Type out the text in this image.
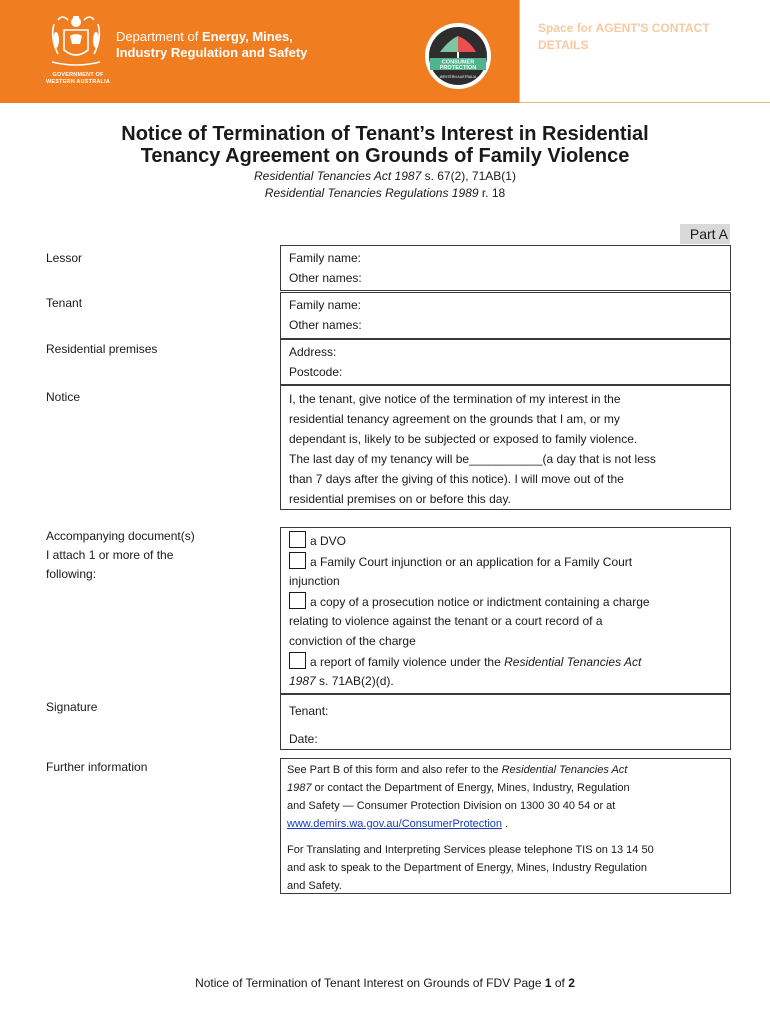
GOVERNMENT OF
WESTERN AUSTRALIA
Department of Energy, Mines,
Industry Regulation and Safety
CONSUMER
PROTECTION
WESTERN AUSTRALIA
Space for AGENT'S CONTACT
DETAILS
Notice of Termination of Tenant’s Interest in Residential
Tenancy Agreement on Grounds of Family Violence
Residential Tenancies Act 1987 s. 67(2), 71AB(1)
Residential Tenancies Regulations 1989 r. 18
Part A
Lessor	Family name:
Other names:
Tenant	Family name:
Other names:
Residential premises	Address:
Postcode:
Notice	I, the tenant, give notice of the termination of my interest in the
residential tenancy agreement on the grounds that I am, or my
dependant is, likely to be subjected or exposed to family violence.
The last day of my tenancy will be___________(a day that is not less
than 7 days after the giving of this notice). I will move out of the
residential premises on or before this day.
Accompanying document(s)
I attach 1 or more of the
following:
a DVO
a Family Court injunction or an application for a Family Court
injunction
a copy of a prosecution notice or indictment containing a charge
relating to violence against the tenant or a court record of a
conviction of the charge
a report of family violence under the Residential Tenancies Act
1987 s. 71AB(2)(d).
Signature	Tenant:
Date:
Further information	See Part B of this form and also refer to the Residential Tenancies Act
1987 or contact the Department of Energy, Mines, Industry, Regulation
and Safety — Consumer Protection Division on 1300 30 40 54 or at
www.demirs.wa.gov.au/ConsumerProtection .

For Translating and Interpreting Services please telephone TIS on 13 14 50
and ask to speak to the Department of Energy, Mines, Industry Regulation
and Safety.

Notice of Termination of Tenant Interest on Grounds of FDV Page 1 of 2
